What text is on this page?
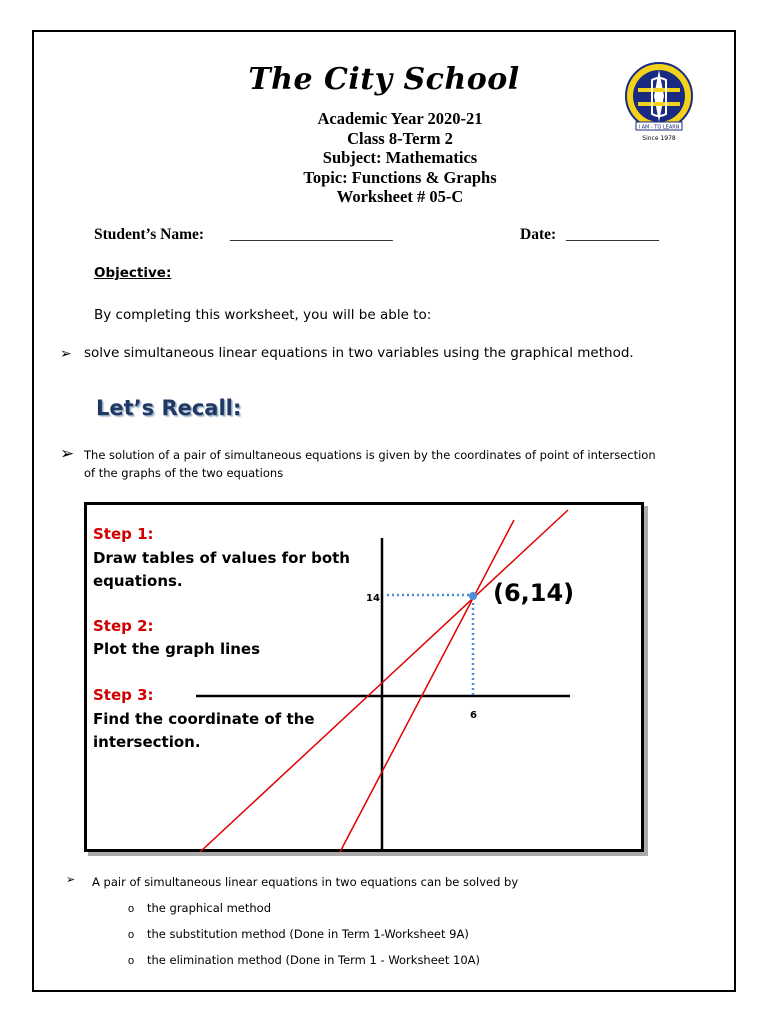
The City School
Academic Year 2020-21
Class 8-Term 2
Subject: Mathematics
Topic: Functions & Graphs
Worksheet # 05-C
I AM - TO LEARN
Since 1978
Student’s Name: _____________________	Date: ____________
Objective:
By completing this worksheet, you will be able to:
➢ solve simultaneous linear equations in two variables using the graphical method.
Let’s Recall:
➢ The solution of a pair of simultaneous equations is given by the coordinates of point of intersection
of the graphs of the two equations
Step 1:
Draw tables of values for both
equations.
Step 2:
Plot the graph lines
Step 3:
Find the coordinate of the
intersection.
14
6
(6,14)
➢ A pair of simultaneous linear equations in two equations can be solved by
o the graphical method
o the substitution method (Done in Term 1-Worksheet 9A)
o the elimination method (Done in Term 1 - Worksheet 10A)
